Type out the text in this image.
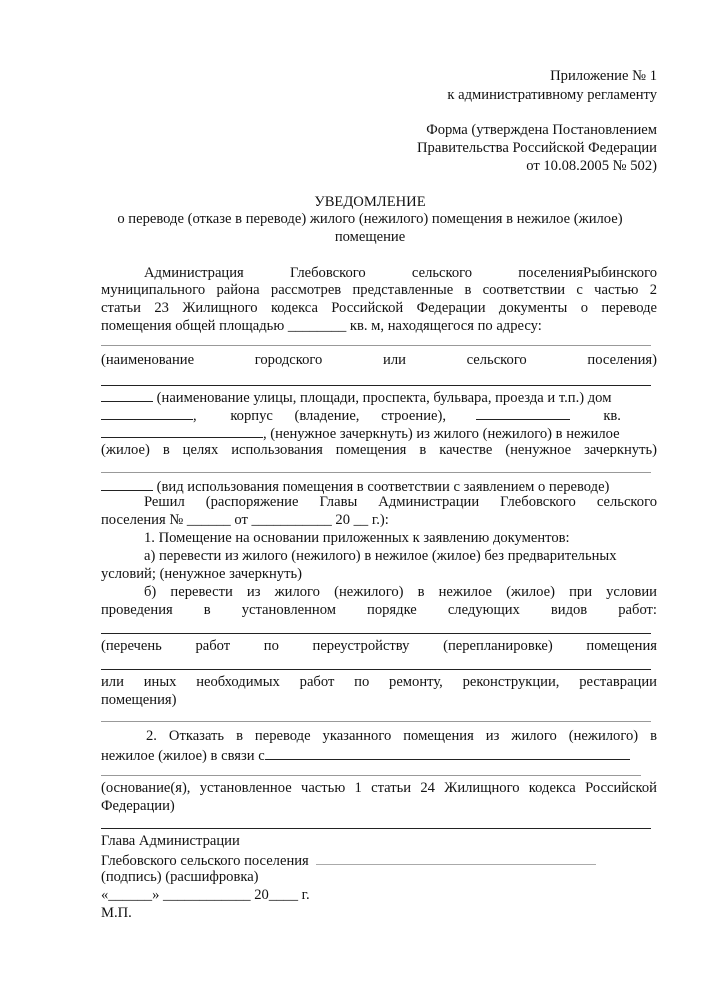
Приложение № 1
к административному регламенту
Форма (утверждена Постановлением
Правительства Российской Федерации
от 10.08.2005 № 502)
УВЕДОМЛЕНИЕ
о переводе (отказе в переводе) жилого (нежилого) помещения в нежилое (жилое)
помещение
Администрация Глебовского сельского поселенияРыбинского
муниципального района рассмотрев представленные в соответствии с частью 2
статьи 23 Жилищного кодекса Российской Федерации документы о переводе
помещения общей площадью ________ кв. м, находящегося по адресу:
(наименование городского или сельского поселения)
(наименование улицы, площади, проспекта, бульвара, проезда и т.п.) дом
, корпус (владение, строение),	кв.
, (ненужное зачеркнуть) из жилого (нежилого) в нежилое
(жилое) в целях использования помещения в качестве (ненужное зачеркнуть)
(вид использования помещения в соответствии с заявлением о переводе)
Решил (распоряжение Главы Администрации Глебовского сельского
поселения № ______ от ___________ 20 __ г.):
1. Помещение на основании приложенных к заявлению документов:
а) перевести из жилого (нежилого) в нежилое (жилое) без предварительных
условий; (ненужное зачеркнуть)
б) перевести из жилого (нежилого) в нежилое (жилое) при условии
проведения в установленном порядке следующих видов работ:
(перечень работ по переустройству (перепланировке) помещения
или иных необходимых работ по ремонту, реконструкции, реставрации
помещения)
2. Отказать в переводе указанного помещения из жилого (нежилого) в
нежилое (жилое) в связи с
(основание(я), установленное частью 1 статьи 24 Жилищного кодекса Российской
Федерации)
Глава Администрации
Глебовского сельского поселения
(подпись) (расшифровка)
«______» ____________ 20____ г.
М.П.
